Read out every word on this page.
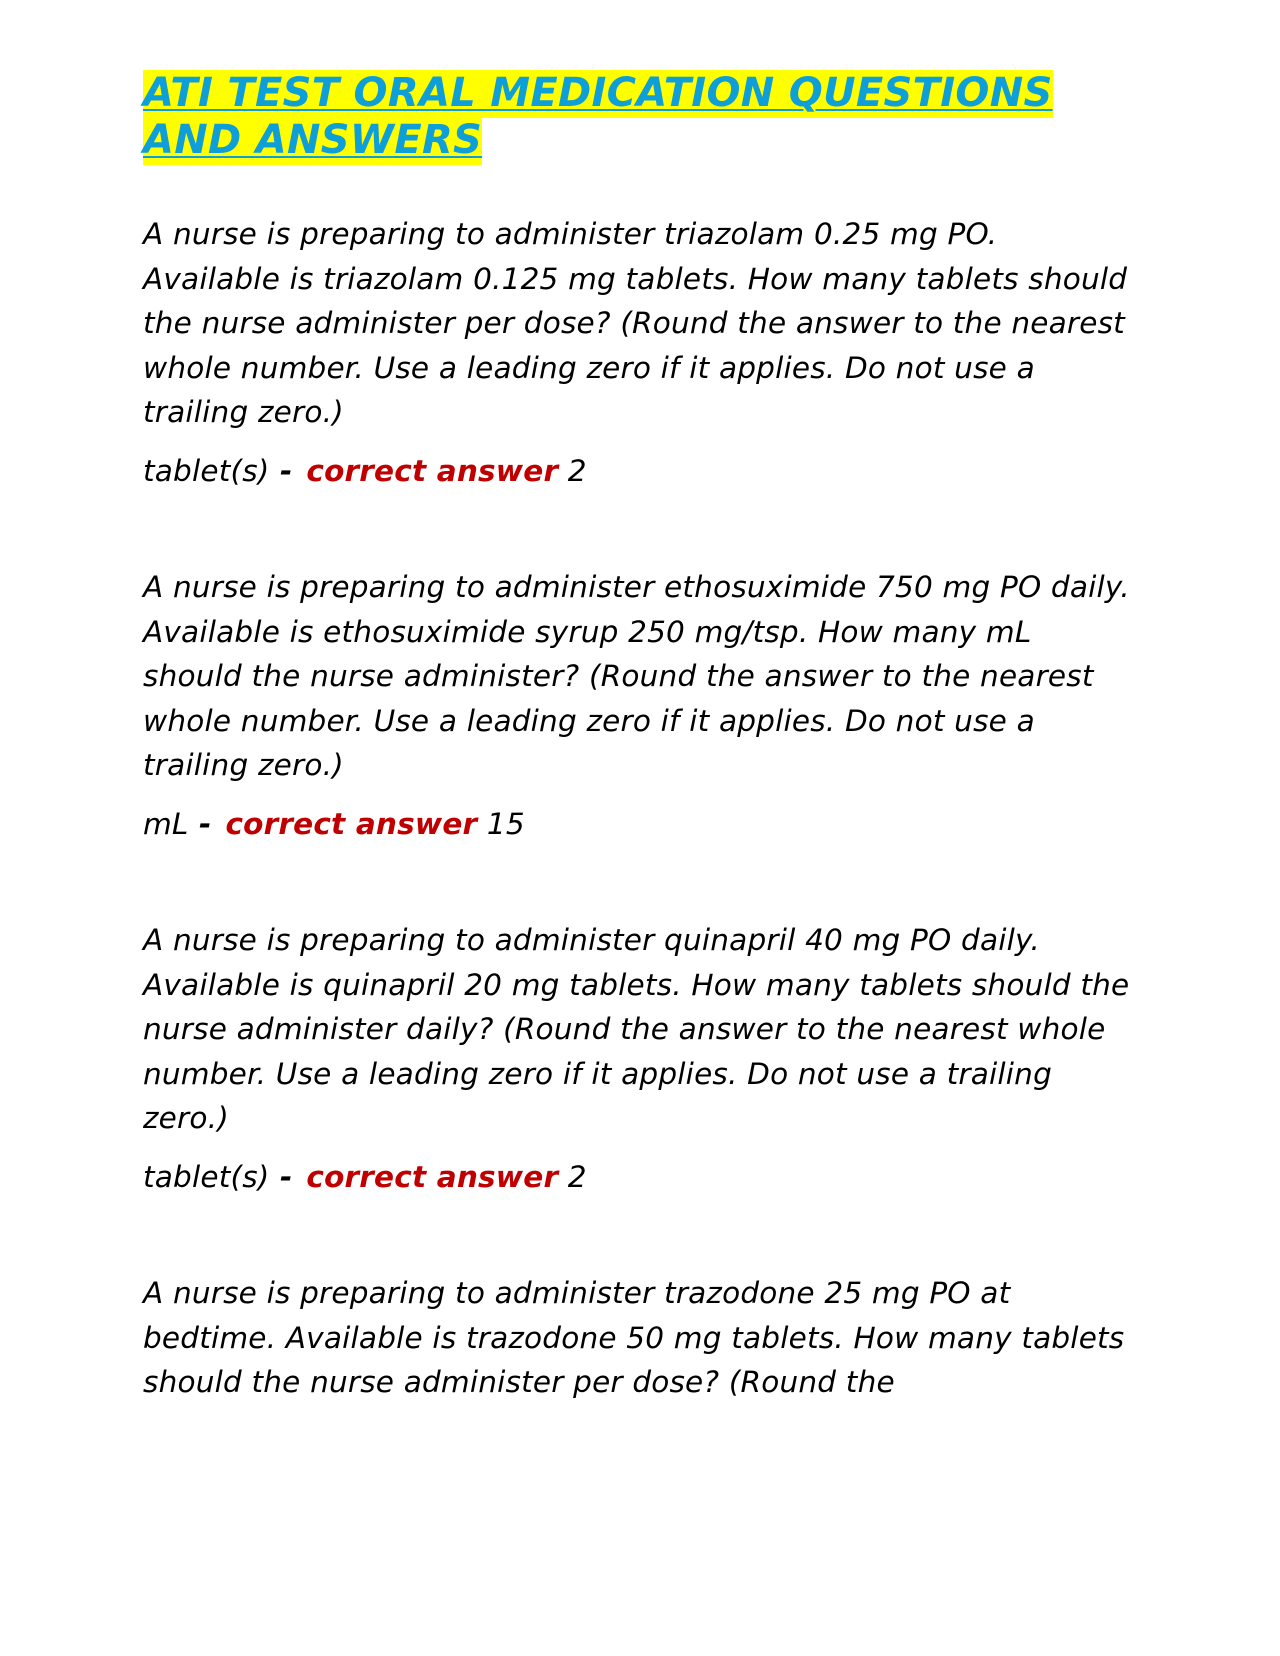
ATI TEST ORAL MEDICATION QUESTIONS
AND ANSWERS

A nurse is preparing to administer triazolam 0.25 mg PO. Available is triazolam 0.125 mg tablets. How many tablets should the nurse administer per dose? (Round the answer to the nearest whole number. Use a leading zero if it applies. Do not use a trailing zero.)

tablet(s) - correct answer 2

A nurse is preparing to administer ethosuximide 750 mg PO daily. Available is ethosuximide syrup 250 mg/tsp. How many mL should the nurse administer? (Round the answer to the nearest whole number. Use a leading zero if it applies. Do not use a trailing zero.)

mL - correct answer 15

A nurse is preparing to administer quinapril 40 mg PO daily. Available is quinapril 20 mg tablets. How many tablets should the nurse administer daily? (Round the answer to the nearest whole number. Use a leading zero if it applies. Do not use a trailing zero.)

tablet(s) - correct answer 2

A nurse is preparing to administer trazodone 25 mg PO at bedtime. Available is trazodone 50 mg tablets. How many tablets should the nurse administer per dose? (Round the
